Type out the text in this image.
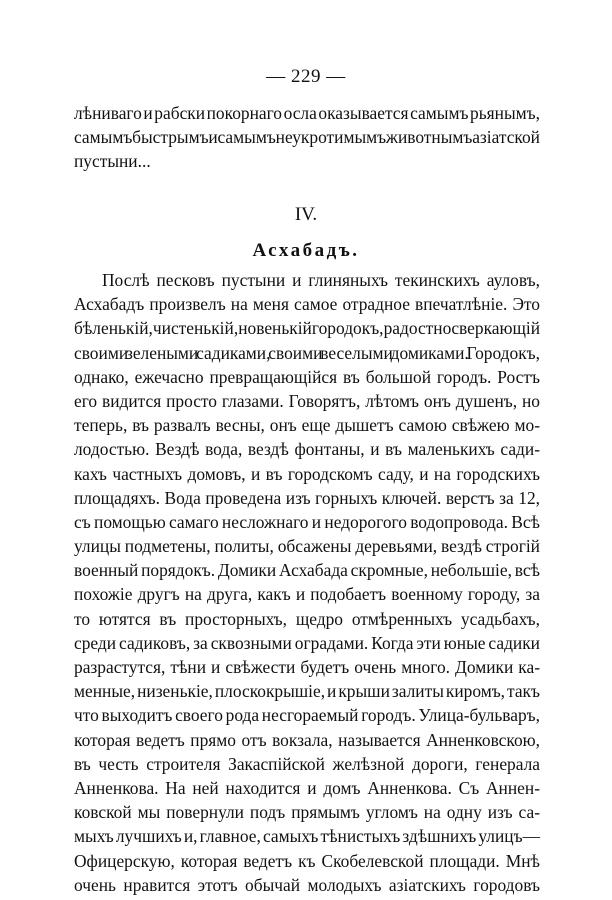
— 229 —
лѣниваго и рабски покорнаго осла оказывается самымъ рьянымъ,
самымъ быстрымъ и самымъ неукротимымъ животнымъ азіатской
пустыни...
IV.
Асхабадъ.
Послѣ песковъ пустыни и глиняныхъ текинскихъ ауловъ,
Асхабадъ произвелъ на меня самое отрадное впечатлѣніе. Это
бѣленькій, чистенькій, новенькій городокъ, радостно сверкающій
своими зелеными садиками, своими веселыми домиками. Городокъ,
однако, ежечасно превращающійся въ большой городъ. Ростъ
его видится просто глазами. Говорятъ, лѣтомъ онъ душенъ, но
теперь, въ развалъ весны, онъ еще дышетъ самою свѣжею мо-
лодостью. Вездѣ вода, вездѣ фонтаны, и въ маленькихъ сади-
кахъ частныхъ домовъ, и въ городскомъ саду, и на городскихъ
площадяхъ. Вода проведена изъ горныхъ ключей. верстъ за 12,
съ помощью самаго несложнаго и недорогого водопровода. Всѣ
улицы подметены, политы, обсажены деревьями, вездѣ строгій
военный порядокъ. Домики Асхабада скромные, небольшіе, всѣ
похожіе другъ на друга, какъ и подобаетъ военному городу, за
то ютятся въ просторныхъ, щедро отмѣренныхъ усадьбахъ,
среди садиковъ, за сквозными оградами. Когда эти юные садики
разрастутся, тѣни и свѣжести будетъ очень много. Домики ка-
менные, низенькіе, плоскокрышіе, и крыши залиты киромъ, такъ
что выходитъ своего рода несгораемый городъ. Улица-бульваръ,
которая ведетъ прямо отъ вокзала, называется Анненковскою,
въ честь строителя Закаспійской желѣзной дороги, генерала
Анненкова. На ней находится и домъ Анненкова. Съ Аннен-
ковской мы повернули подъ прямымъ угломъ на одну изъ са-
мыхъ лучшихъ и, главное, самыхъ тѣнистыхъ здѣшнихъ улицъ—
Офицерскую, которая ведетъ къ Скобелевской площади. Мнѣ
очень нравится этотъ обычай молодыхъ азіатскихъ городовъ
